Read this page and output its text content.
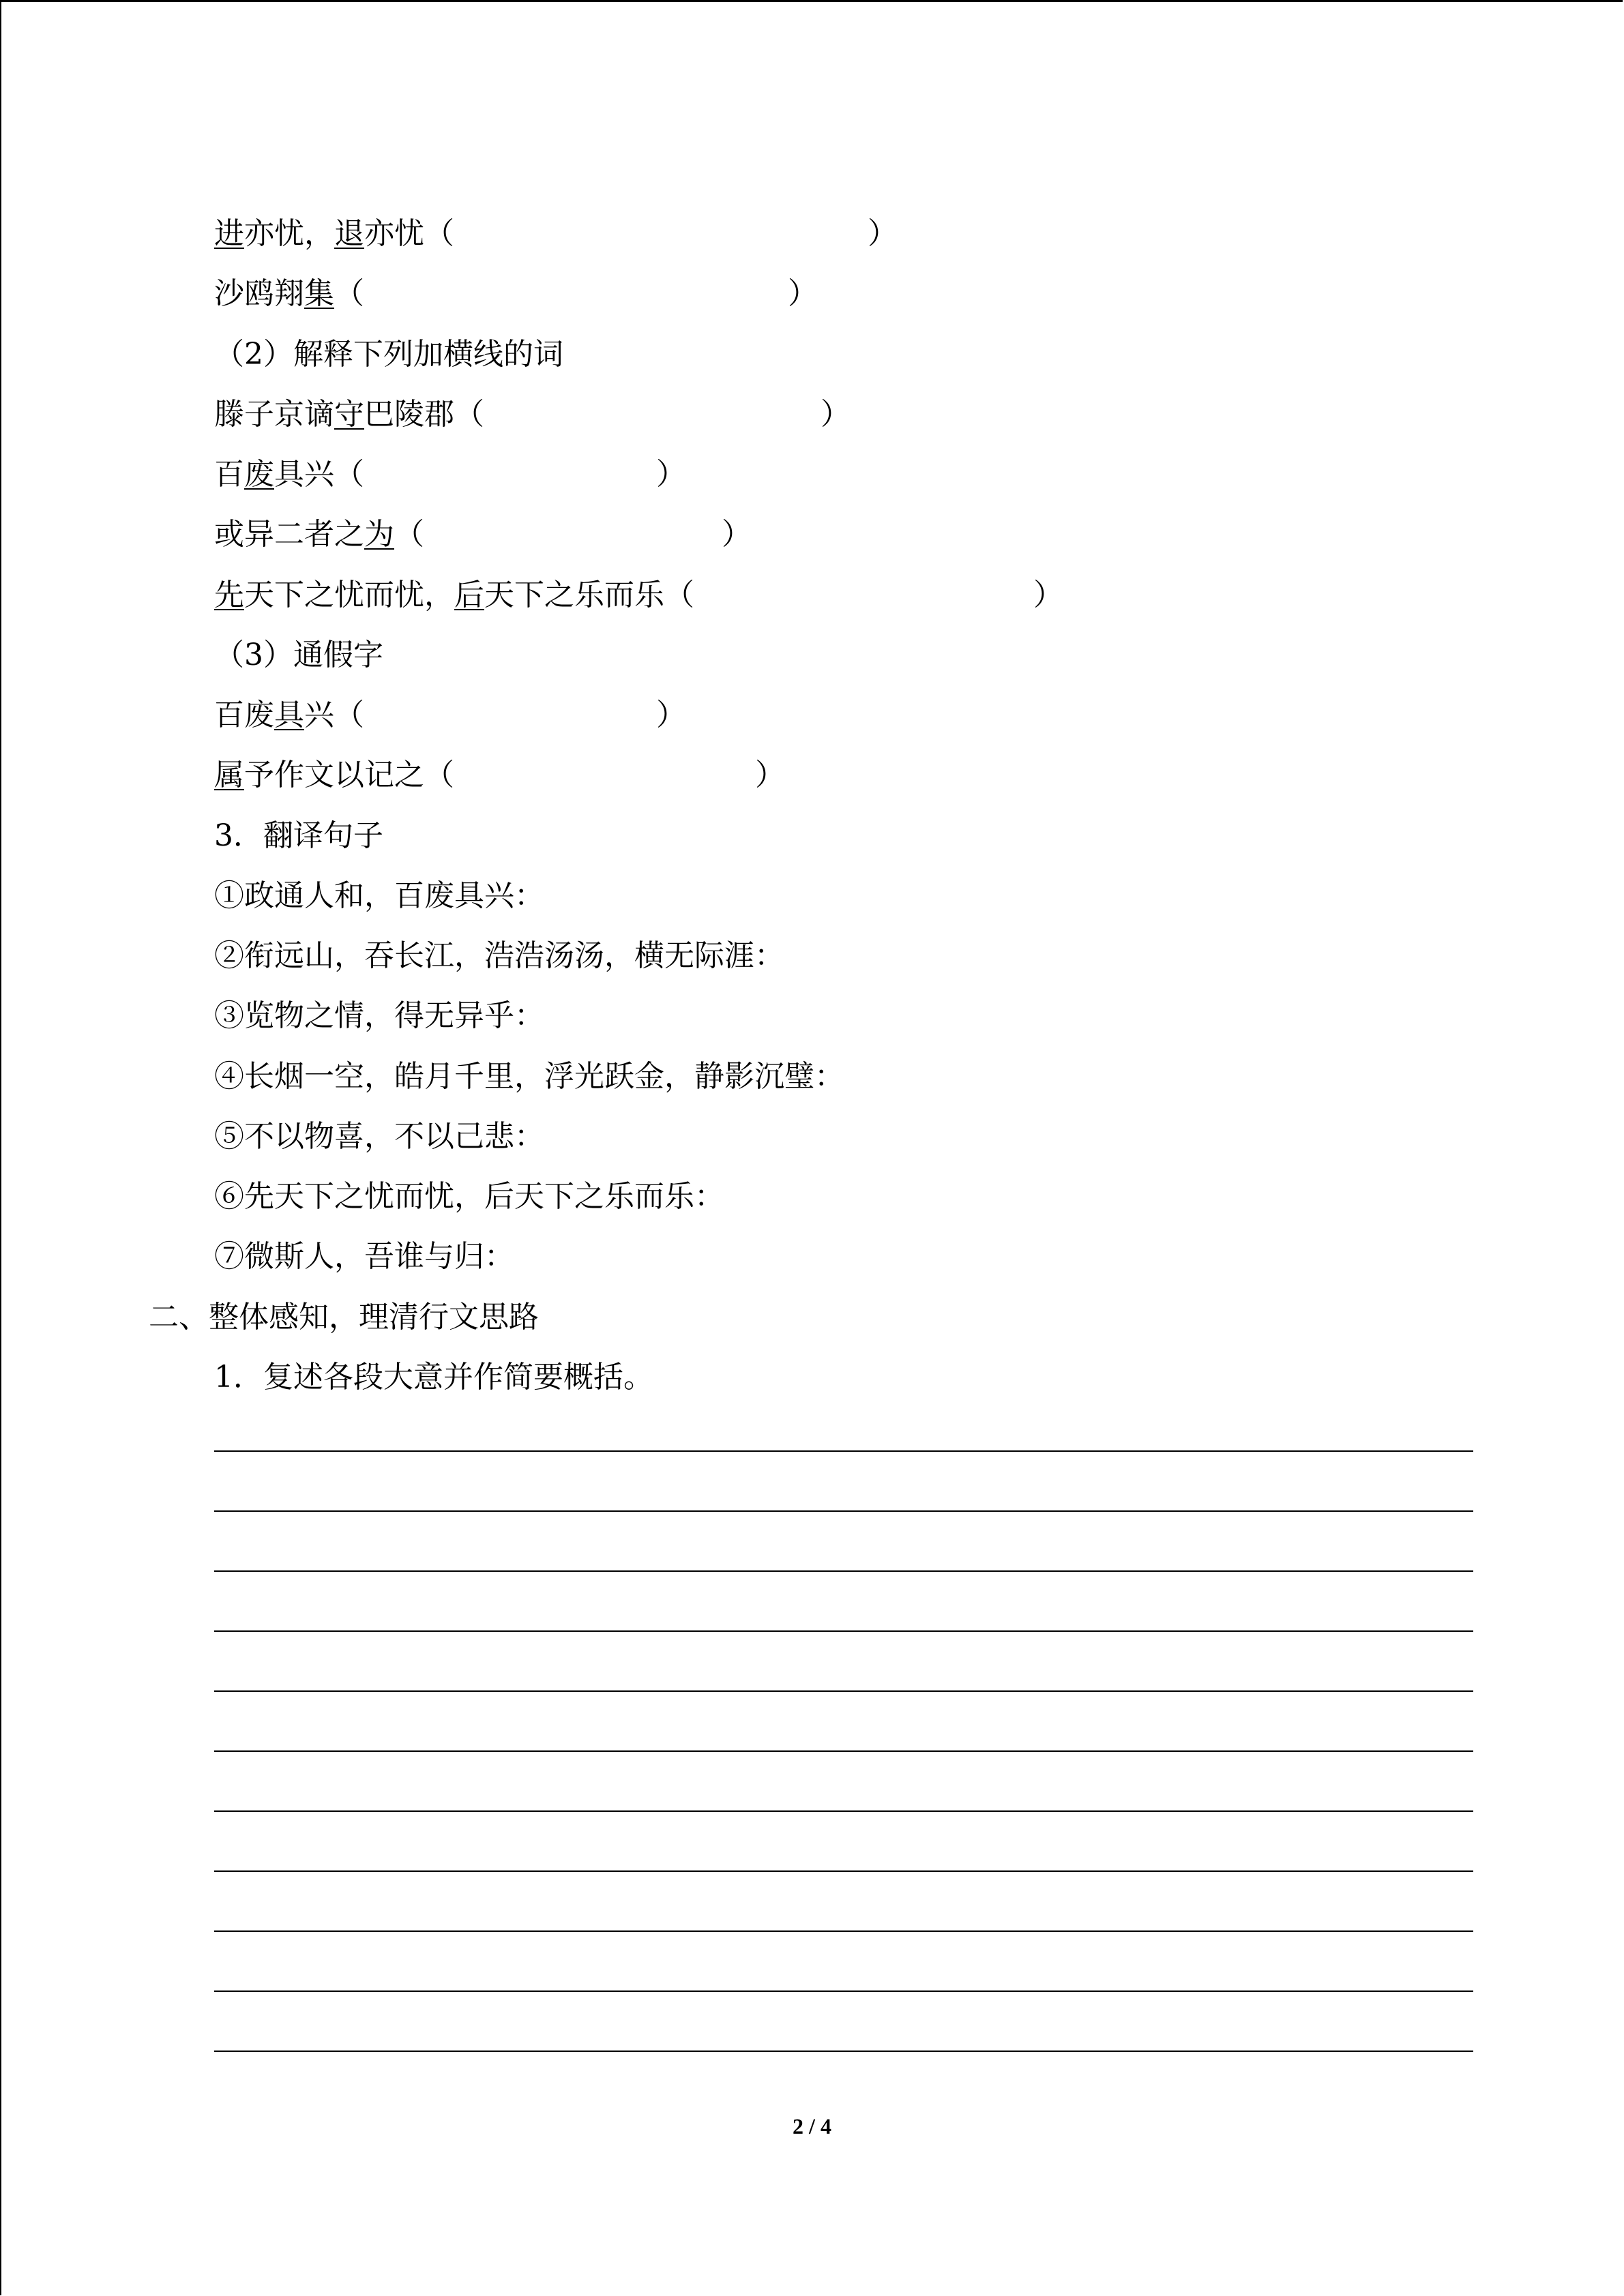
进亦忧，退亦忧（	）
沙鸥翔集（	）
（2）解释下列加横线的词
滕子京谪守巴陵郡（	）
百废具兴（	）
或异二者之为（	）
先天下之忧而忧，后天下之乐而乐（	）
（3）通假字
百废具兴（	）
属予作文以记之（	）
3．翻译句子
①政通人和，百废具兴：
②衔远山，吞长江，浩浩汤汤，横无际涯：
③览物之情，得无异乎：
④长烟一空，皓月千里，浮光跃金，静影沉璧：
⑤不以物喜，不以己悲：
⑥先天下之忧而忧，后天下之乐而乐：
⑦微斯人，吾谁与归：
二、整体感知，理清行文思路
1．复述各段大意并作简要概括。
2 / 4
